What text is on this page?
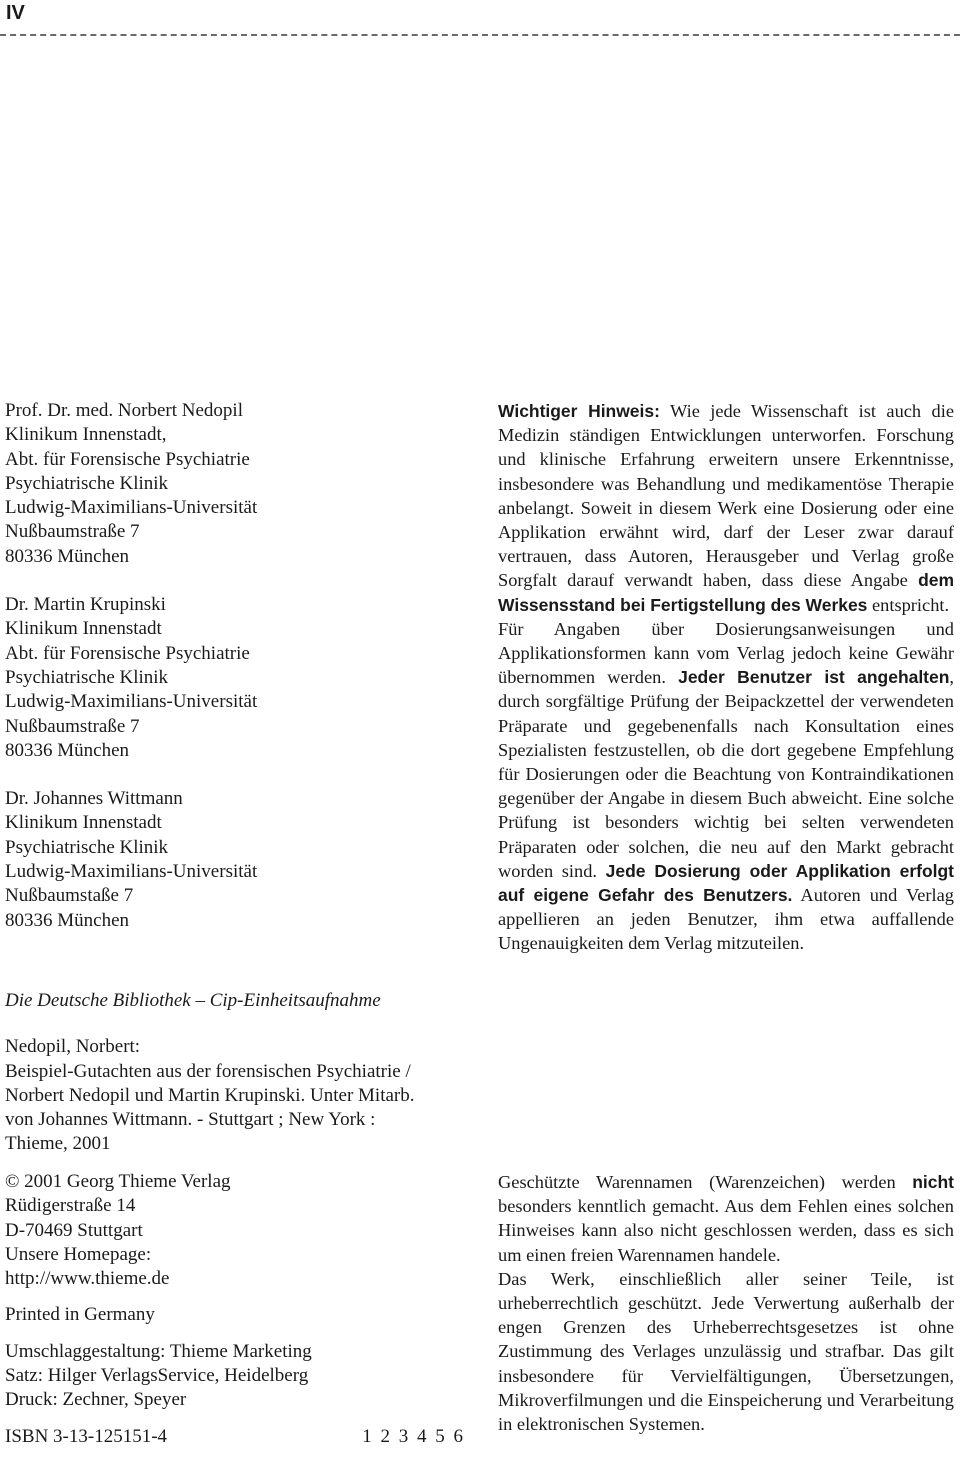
IV
Prof. Dr. med. Norbert Nedopil
Klinikum Innenstadt,
Abt. für Forensische Psychiatrie
Psychiatrische Klinik
Ludwig-Maximilians-Universität
Nußbaumstraße 7
80336 München
Dr. Martin Krupinski
Klinikum Innenstadt
Abt. für Forensische Psychiatrie
Psychiatrische Klinik
Ludwig-Maximilians-Universität
Nußbaumstraße 7
80336 München
Dr. Johannes Wittmann
Klinikum Innenstadt
Psychiatrische Klinik
Ludwig-Maximilians-Universität
Nußbaumstaße 7
80336 München
Die Deutsche Bibliothek – Cip-Einheitsaufnahme
Nedopil, Norbert:
Beispiel-Gutachten aus der forensischen Psychiatrie /
Norbert Nedopil und Martin Krupinski. Unter Mitarb.
von Johannes Wittmann. - Stuttgart ; New York :
Thieme, 2001

Wichtiger Hinweis: Wie jede Wissenschaft ist auch die Medizin ständigen Entwicklungen unterworfen. Forschung und klinische Erfahrung erweitern unsere Erkenntnisse, insbesondere was Behandlung und medikamentöse Therapie anbelangt. Soweit in diesem Werk eine Dosierung oder eine Applikation erwähnt wird, darf der Leser zwar darauf vertrauen, dass Autoren, Herausgeber und Verlag große Sorgfalt darauf verwandt haben, dass diese Angabe dem Wissensstand bei Fertigstellung des Werkes entspricht.

Für Angaben über Dosierungsanweisungen und Applikationsformen kann vom Verlag jedoch keine Gewähr übernommen werden. Jeder Benutzer ist angehalten, durch sorgfältige Prüfung der Beipackzettel der verwendeten Präparate und gegebenenfalls nach Konsultation eines Spezialisten festzustellen, ob die dort gegebene Empfehlung für Dosierungen oder die Beachtung von Kontraindikationen gegenüber der Angabe in diesem Buch abweicht. Eine solche Prüfung ist besonders wichtig bei selten verwendeten Präparaten oder solchen, die neu auf den Markt gebracht worden sind. Jede Dosierung oder Applikation erfolgt auf eigene Gefahr des Benutzers. Autoren und Verlag appellieren an jeden Benutzer, ihm etwa auffallende Ungenauigkeiten dem Verlag mitzuteilen.

© 2001 Georg Thieme Verlag
Rüdigerstraße 14
D-70469 Stuttgart
Unsere Homepage:
http://www.thieme.de
Printed in Germany
Umschlaggestaltung: Thieme Marketing
Satz: Hilger VerlagsService, Heidelberg
Druck: Zechner, Speyer
ISBN 3-13-125151-4	1 2 3 4 5 6

Geschützte Warennamen (Warenzeichen) werden nicht besonders kenntlich gemacht. Aus dem Fehlen eines solchen Hinweises kann also nicht geschlossen werden, dass es sich um einen freien Warennamen handele.

Das Werk, einschließlich aller seiner Teile, ist urheberrechtlich geschützt. Jede Verwertung außerhalb der engen Grenzen des Urheberrechtsgesetzes ist ohne Zustimmung des Verlages unzulässig und strafbar. Das gilt insbesondere für Vervielfältigungen, Übersetzungen, Mikroverfilmungen und die Einspeicherung und Verarbeitung in elektronischen Systemen.
